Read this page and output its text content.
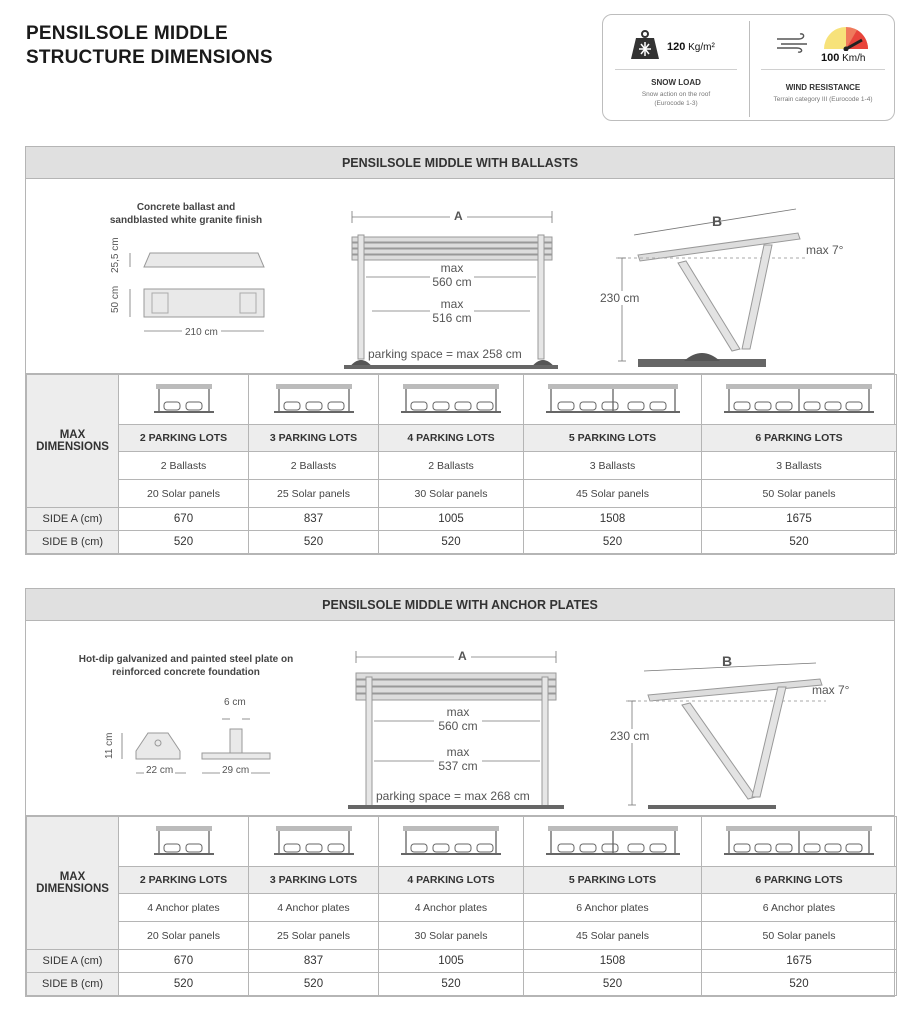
PENSILSOLE MIDDLE
STRUCTURE DIMENSIONS	120 Kg/m²
SNOW LOAD
Snow action on the roof
(Eurocode 1-3)
100 Km/h
WIND RESISTANCE
Terrain category III (Eurocode 1-4)
PENSILSOLE MIDDLE WITH BALLASTS
Concrete ballast and
sandblasted white granite finish
25,5 cm
50 cm
210 cm
A
max
560 cm
max
516 cm
parking space = max 258 cm
B
max 7°
230 cm
MAX DIMENSIONS					
	2 PARKING LOTS	3 PARKING LOTS	4 PARKING LOTS	5 PARKING LOTS	6 PARKING LOTS
	2 Ballasts	2 Ballasts	2 Ballasts	3 Ballasts	3 Ballasts
	20 Solar panels	25 Solar panels	30 Solar panels	45 Solar panels	50 Solar panels
SIDE A (cm)	670	837	1005	1508	1675
SIDE B (cm)	520	520	520	520	520
PENSILSOLE MIDDLE WITH ANCHOR PLATES
Hot-dip galvanized and painted steel plate on
reinforced concrete foundation
11 cm
22 cm
6 cm
29 cm
A
max
560 cm
max
537 cm
parking space = max 268 cm
B
max 7°
230 cm
MAX DIMENSIONS					
	2 PARKING LOTS	3 PARKING LOTS	4 PARKING LOTS	5 PARKING LOTS	6 PARKING LOTS
	4 Anchor plates	4 Anchor plates	4 Anchor plates	6 Anchor plates	6 Anchor plates
	20 Solar panels	25 Solar panels	30 Solar panels	45 Solar panels	50 Solar panels
SIDE A (cm)	670	837	1005	1508	1675
SIDE B (cm)	520	520	520	520	520
